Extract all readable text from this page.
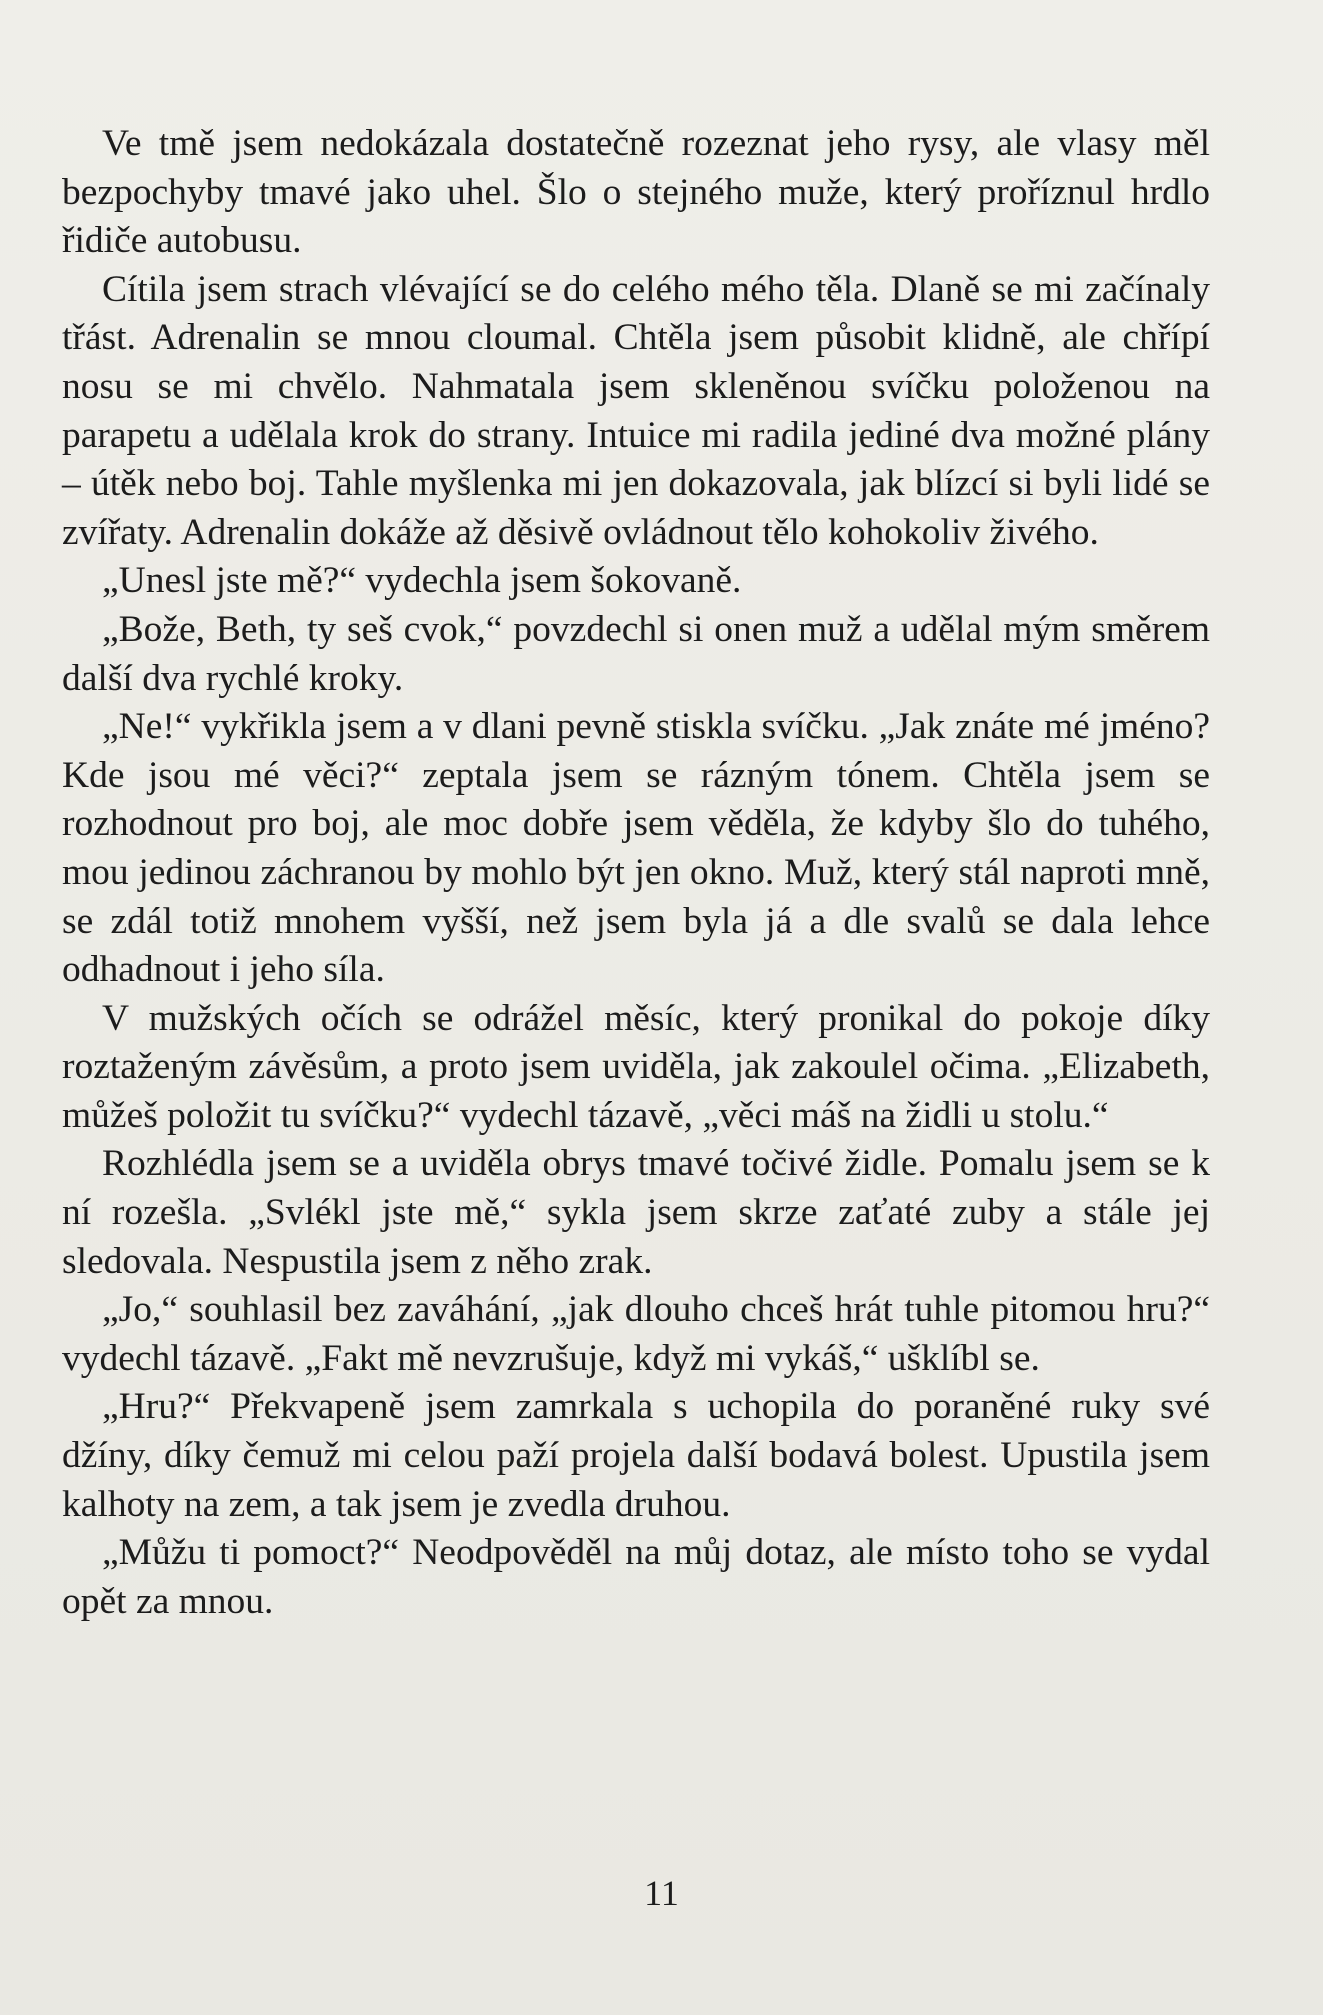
Ve tmě jsem nedokázala dostatečně rozeznat jeho rysy, ale vlasy měl bezpochyby tmavé jako uhel. Šlo o stejného muže, který proříznul hrdlo řidiče autobusu.

Cítila jsem strach vlévající se do celého mého těla. Dlaně se mi začínaly třást. Adrenalin se mnou cloumal. Chtěla jsem působit klidně, ale chřípí nosu se mi chvělo. Nahmatala jsem skleněnou svíčku položenou na parapetu a udělala krok do strany. Intuice mi radila jediné dva možné plány – útěk nebo boj. Tahle myšlenka mi jen dokazovala, jak blízcí si byli lidé se zvířaty. Adrenalin dokáže až děsivě ovládnout tělo kohokoliv živého.

„Unesl jste mě?“ vydechla jsem šokovaně.

„Bože, Beth, ty seš cvok,“ povzdechl si onen muž a udělal mým směrem další dva rychlé kroky.

„Ne!“ vykřikla jsem a v dlani pevně stiskla svíčku. „Jak znáte mé jméno? Kde jsou mé věci?“ zeptala jsem se rázným tónem. Chtěla jsem se rozhodnout pro boj, ale moc dobře jsem věděla, že kdyby šlo do tuhého, mou jedinou záchranou by mohlo být jen okno. Muž, který stál naproti mně, se zdál totiž mnohem vyšší, než jsem byla já a dle svalů se dala lehce odhadnout i jeho síla.

V mužských očích se odrážel měsíc, který pronikal do pokoje díky roztaženým závěsům, a proto jsem uviděla, jak zakoulel očima. „Elizabeth, můžeš položit tu svíčku?“ vydechl tázavě, „věci máš na židli u stolu.“

Rozhlédla jsem se a uviděla obrys tmavé točivé židle. Pomalu jsem se k ní rozešla. „Svlékl jste mě,“ sykla jsem skrze zaťaté zuby a stále jej sledovala. Nespustila jsem z něho zrak.

„Jo,“ souhlasil bez zaváhání, „jak dlouho chceš hrát tuhle pitomou hru?“ vydechl tázavě. „Fakt mě nevzrušuje, když mi vykáš,“ ušklíbl se.

„Hru?“ Překvapeně jsem zamrkala s uchopila do poraněné ruky své džíny, díky čemuž mi celou paží projela další bodavá bolest. Upustila jsem kalhoty na zem, a tak jsem je zvedla druhou.

„Můžu ti pomoct?“ Neodpověděl na můj dotaz, ale místo toho se vydal opět za mnou.

11
